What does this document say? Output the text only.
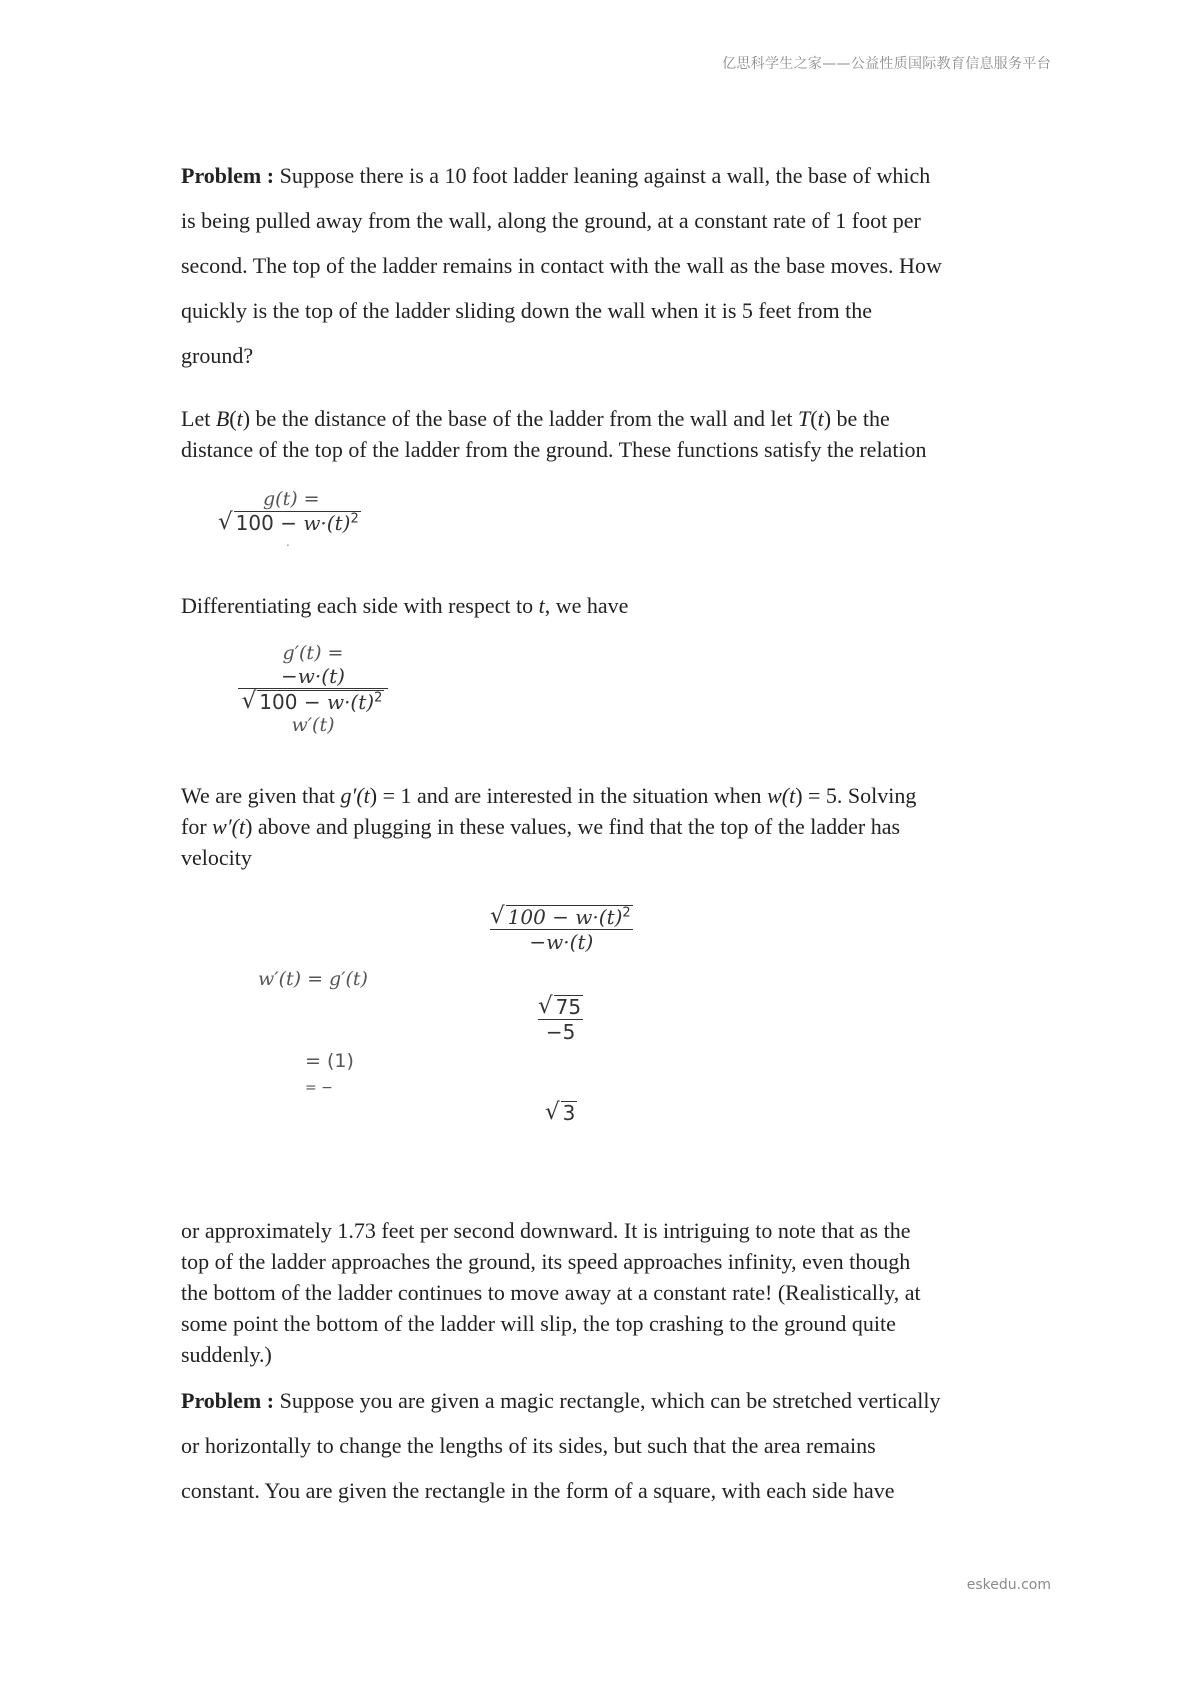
亿思科学生之家——公益性质国际教育信息服务平台
Problem : Suppose there is a 10 foot ladder leaning against a wall, the base of which
is being pulled away from the wall, along the ground, at a constant rate of 1 foot per
second. The top of the ladder remains in contact with the wall as the base moves. How
quickly is the top of the ladder sliding down the wall when it is 5 feet from the
ground?
Let B(t) be the distance of the base of the ladder from the wall and let T(t) be the
distance of the top of the ladder from the ground. These functions satisfy the relation
g(t) =
√ $100 - w\cdot(t)^2$
.
Differentiating each side with respect to t, we have
g′(t) =
−w·(t)
√ $100 - w\cdot(t)^2$
w′(t)
We are given that g′(t) = 1 and are interested in the situation when w(t) = 5. Solving
for w′(t) above and plugging in these values, we find that the top of the ladder has
velocity
w′(t) = g′(t)
= (1)
= −
√ $100 - w\cdot(t)^2$
−w·(t)
√ 75
−5
√ 3
or approximately 1.73 feet per second downward. It is intriguing to note that as the
top of the ladder approaches the ground, its speed approaches infinity, even though
the bottom of the ladder continues to move away at a constant rate! (Realistically, at
some point the bottom of the ladder will slip, the top crashing to the ground quite
suddenly.)
Problem : Suppose you are given a magic rectangle, which can be stretched vertically
or horizontally to change the lengths of its sides, but such that the area remains
constant. You are given the rectangle in the form of a square, with each side have
eskedu.com
